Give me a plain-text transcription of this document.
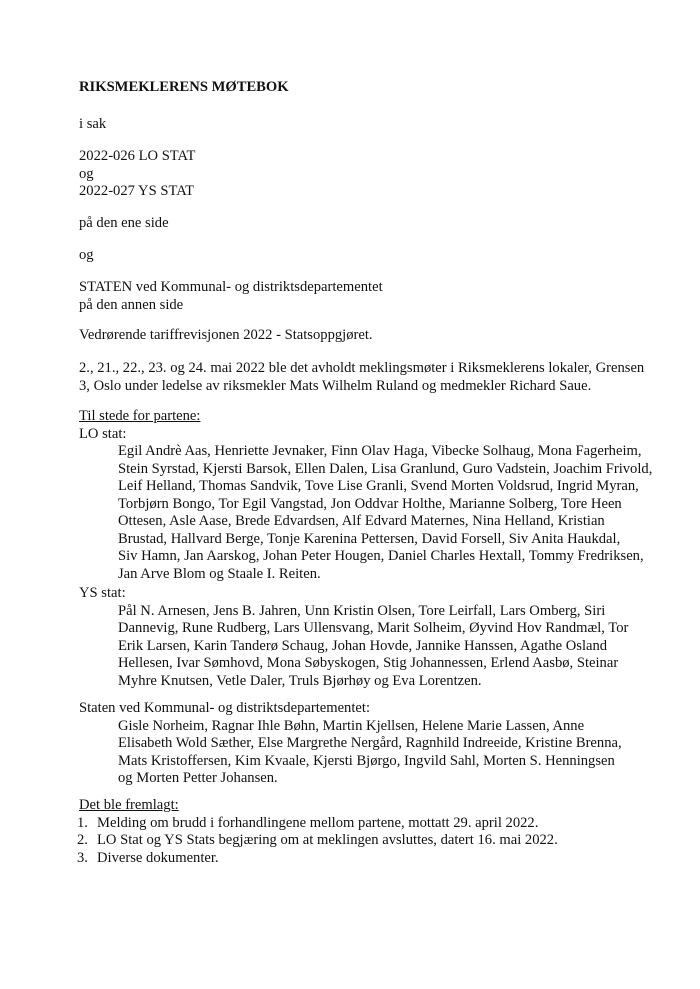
RIKSMEKLERENS MØTEBOK
i sak
2022-026 LO STAT
og
2022-027 YS STAT
på den ene side
og
STATEN ved Kommunal- og distriktsdepartementet
på den annen side
Vedrørende tariffrevisjonen 2022 - Statsoppgjøret.
2., 21., 22., 23. og 24. mai 2022 ble det avholdt meklingsmøter i Riksmeklerens lokaler, Grensen
3, Oslo under ledelse av riksmekler Mats Wilhelm Ruland og medmekler Richard Saue.
Til stede for partene:
LO stat:
Egil Andrè Aas, Henriette Jevnaker, Finn Olav Haga, Vibecke Solhaug, Mona Fagerheim,
Stein Syrstad, Kjersti Barsok, Ellen Dalen, Lisa Granlund, Guro Vadstein, Joachim Frivold,
Leif Helland, Thomas Sandvik, Tove Lise Granli, Svend Morten Voldsrud, Ingrid Myran,
Torbjørn Bongo, Tor Egil Vangstad, Jon Oddvar Holthe, Marianne Solberg, Tore Heen
Ottesen, Asle Aase, Brede Edvardsen, Alf Edvard Maternes, Nina Helland, Kristian
Brustad, Hallvard Berge, Tonje Karenina Pettersen, David Forsell, Siv Anita Haukdal,
Siv Hamn, Jan Aarskog, Johan Peter Hougen, Daniel Charles Hextall, Tommy Fredriksen,
Jan Arve Blom og Staale I. Reiten.
YS stat:
Pål N. Arnesen, Jens B. Jahren, Unn Kristin Olsen, Tore Leirfall, Lars Omberg, Siri
Dannevig, Rune Rudberg, Lars Ullensvang, Marit Solheim, Øyvind Hov Randmæl, Tor
Erik Larsen, Karin Tanderø Schaug, Johan Hovde, Jannike Hanssen, Agathe Osland
Hellesen, Ivar Sømhovd, Mona Søbyskogen, Stig Johannessen, Erlend Aasbø, Steinar
Myhre Knutsen, Vetle Daler, Truls Bjørhøy og Eva Lorentzen.
Staten ved Kommunal- og distriktsdepartementet:
Gisle Norheim, Ragnar Ihle Bøhn, Martin Kjellsen, Helene Marie Lassen, Anne
Elisabeth Wold Sæther, Else Margrethe Nergård, Ragnhild Indreeide, Kristine Brenna,
Mats Kristoffersen, Kim Kvaale, Kjersti Bjørgo, Ingvild Sahl, Morten S. Henningsen
og Morten Petter Johansen.
Det ble fremlagt:
1. Melding om brudd i forhandlingene mellom partene, mottatt 29. april 2022.
2. LO Stat og YS Stats begjæring om at meklingen avsluttes, datert 16. mai 2022.
3. Diverse dokumenter.
